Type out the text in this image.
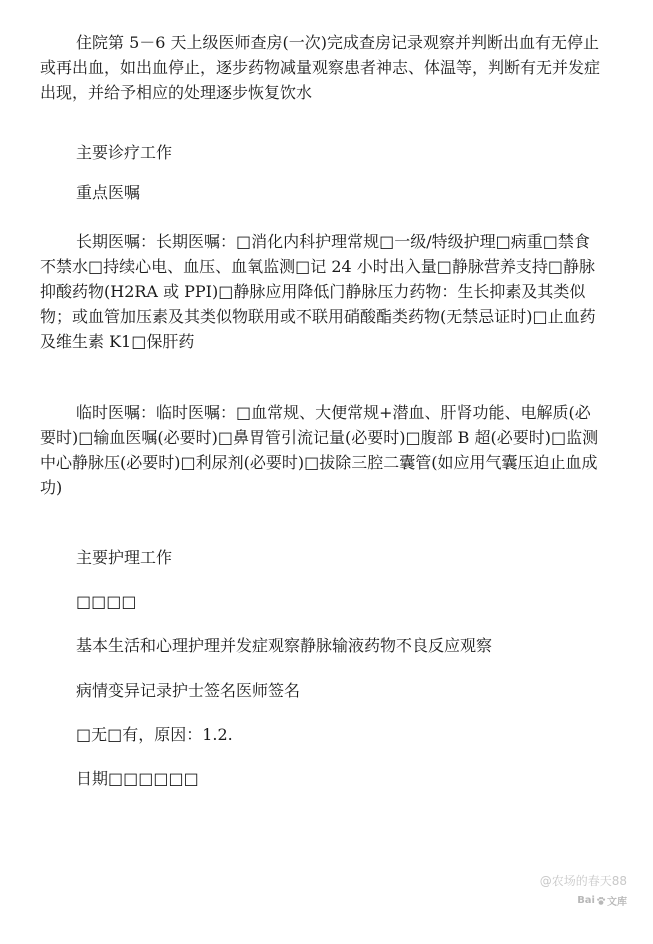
住院第 5－6 天上级医师查房(一次)完成查房记录观察并判断出血有无停止或再出血，如出血停止，逐步药物减量观察患者神志、体温等，判断有无并发症出现，并给予相应的处理逐步恢复饮水

主要诊疗工作

重点医嘱

长期医嘱：长期医嘱：□消化内科护理常规□一级/特级护理□病重□禁食不禁水□持续心电、血压、血氧监测□记 24 小时出入量□静脉营养支持□静脉抑酸药物(H2RA 或 PPI)□静脉应用降低门静脉压力药物：生长抑素及其类似物；或血管加压素及其类似物联用或不联用硝酸酯类药物(无禁忌证时)□止血药及维生素 K1□保肝药

临时医嘱：临时医嘱：□血常规、大便常规+潜血、肝肾功能、电解质(必要时)□输血医嘱(必要时)□鼻胃管引流记量(必要时)□腹部 B 超(必要时)□监测中心静脉压(必要时)□利尿剂(必要时)□拔除三腔二囊管(如应用气囊压迫止血成功)

主要护理工作

□□□□

基本生活和心理护理并发症观察静脉输液药物不良反应观察

病情变异记录护士签名医师签名

□无□有，原因：1.2.

日期□□□□□□

@农场的春天88
Bai 文库
